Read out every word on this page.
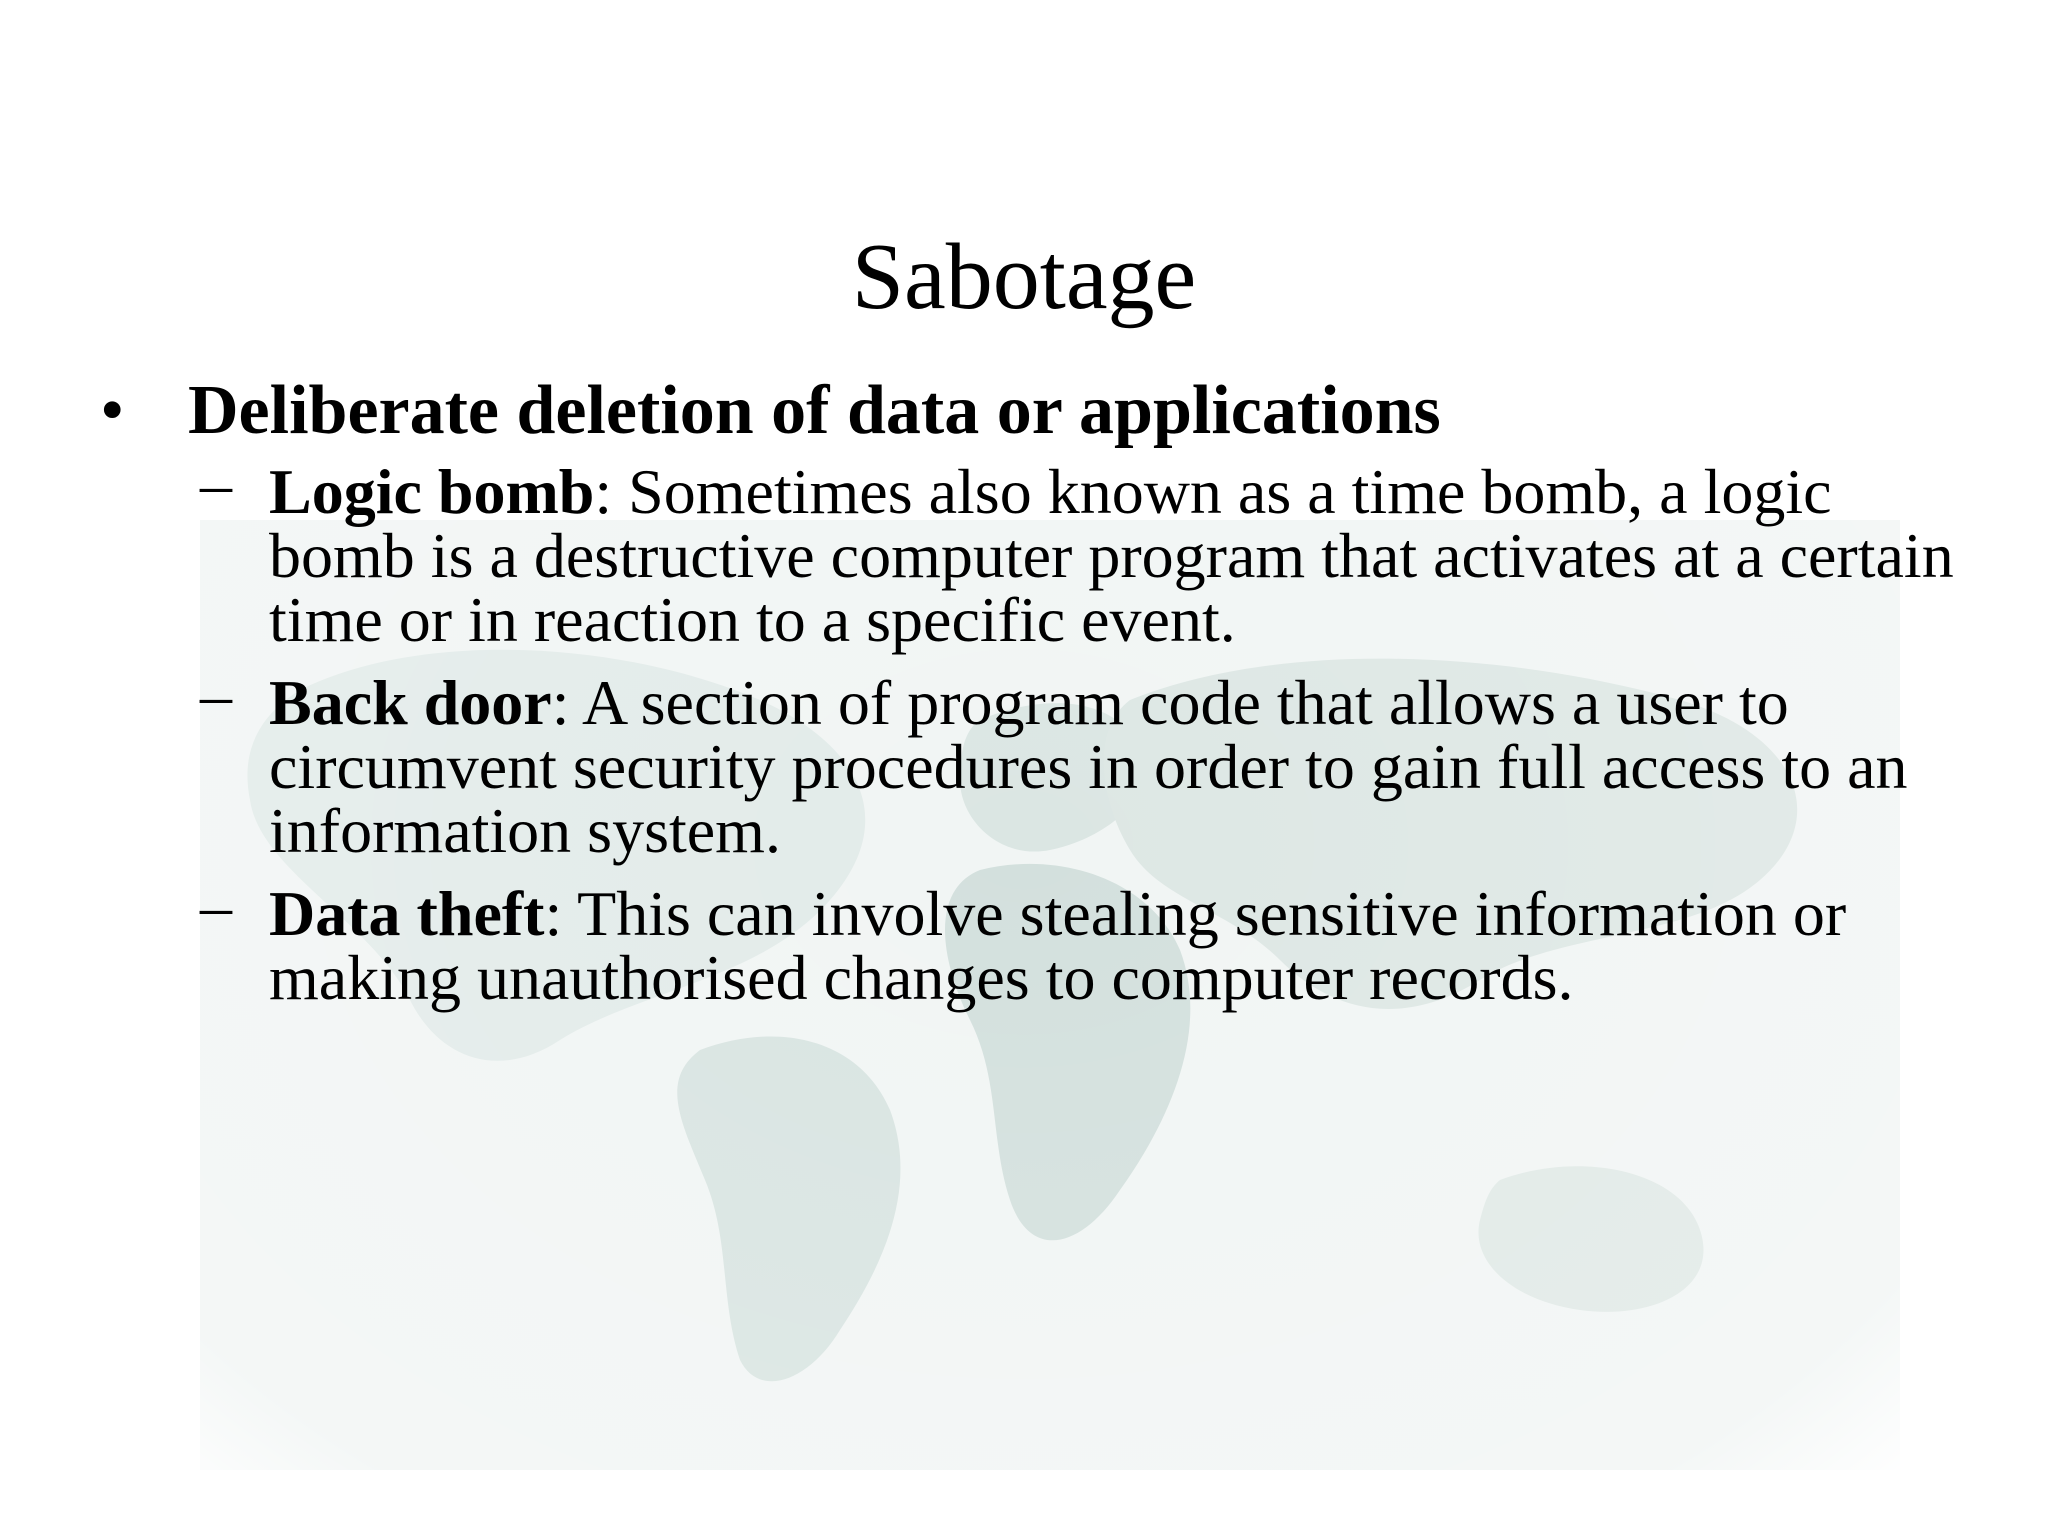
Sabotage
• Deliberate deletion of data or applications
– Logic bomb: Sometimes also known as a time bomb, a logic bomb is a destructive computer program that activates at a certain time or in reaction to a specific event.
– Back door: A section of program code that allows a user to circumvent security procedures in order to gain full access to an information system.
– Data theft: This can involve stealing sensitive information or making unauthorised changes to computer records.
